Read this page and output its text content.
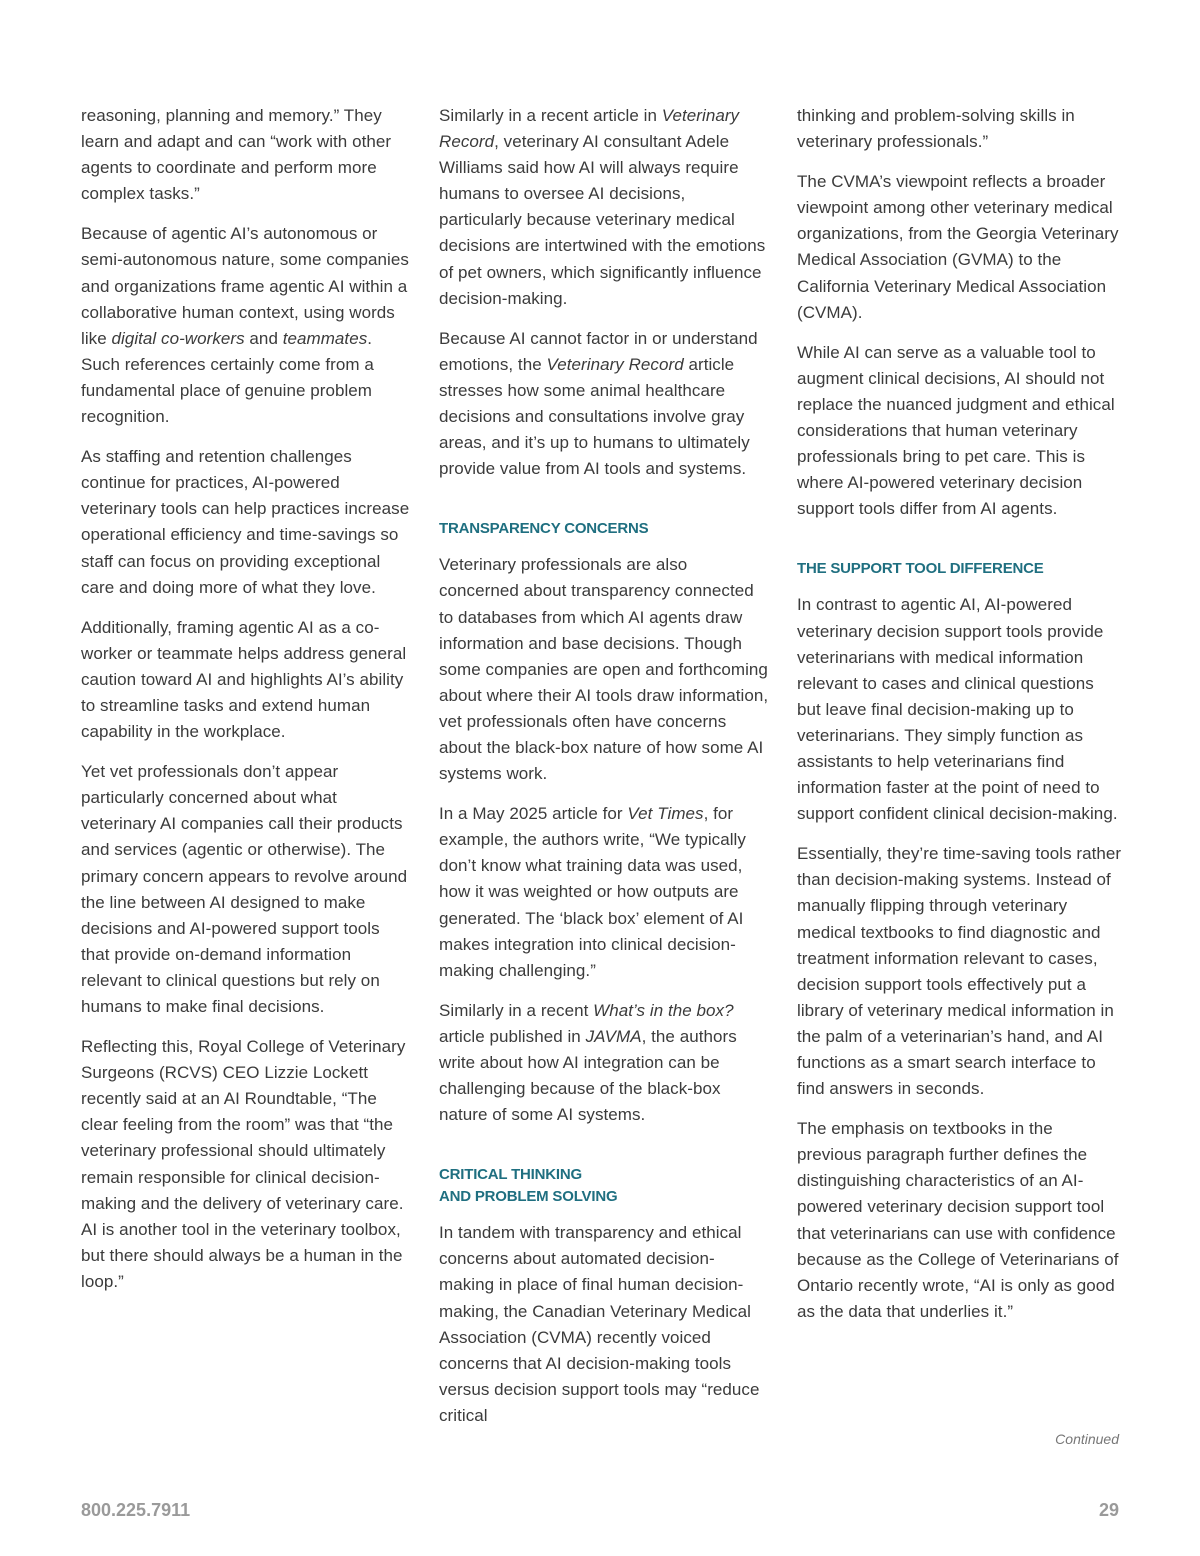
reasoning, planning and memory.” They learn and adapt and can “work with other agents to coordinate and perform more complex tasks.”

Because of agentic AI’s autonomous or semi-autonomous nature, some companies and organizations frame agentic AI within a collaborative human context, using words like digital co-workers and teammates. Such references certainly come from a fundamental place of genuine problem recognition.

As staffing and retention challenges continue for practices, AI-powered veterinary tools can help practices increase operational efficiency and time-savings so staff can focus on providing exceptional care and doing more of what they love.

Additionally, framing agentic AI as a co-worker or teammate helps address general caution toward AI and highlights AI’s ability to streamline tasks and extend human capability in the workplace.

Yet vet professionals don’t appear particularly concerned about what veterinary AI companies call their products and services (agentic or otherwise). The primary concern appears to revolve around the line between AI designed to make decisions and AI-powered support tools that provide on-demand information relevant to clinical questions but rely on humans to make final decisions.

Reflecting this, Royal College of Veterinary Surgeons (RCVS) CEO Lizzie Lockett recently said at an AI Roundtable, “The clear feeling from the room” was that “the veterinary professional should ultimately remain responsible for clinical decision-making and the delivery of veterinary care. AI is another tool in the veterinary toolbox, but there should always be a human in the loop.”

Similarly in a recent article in Veterinary Record, veterinary AI consultant Adele Williams said how AI will always require humans to oversee AI decisions, particularly because veterinary medical decisions are intertwined with the emotions of pet owners, which significantly influence decision-making.

Because AI cannot factor in or understand emotions, the Veterinary Record article stresses how some animal healthcare decisions and consultations involve gray areas, and it’s up to humans to ultimately provide value from AI tools and systems.

TRANSPARENCY CONCERNS

Veterinary professionals are also concerned about transparency connected to databases from which AI agents draw information and base decisions. Though some companies are open and forthcoming about where their AI tools draw information, vet professionals often have concerns about the black-box nature of how some AI systems work.

In a May 2025 article for Vet Times, for example, the authors write, “We typically don’t know what training data was used, how it was weighted or how outputs are generated. The ‘black box’ element of AI makes integration into clinical decision-making challenging.”

Similarly in a recent What’s in the box? article published in JAVMA, the authors write about how AI integration can be challenging because of the black-box nature of some AI systems.

CRITICAL THINKING
AND PROBLEM SOLVING

In tandem with transparency and ethical concerns about automated decision-making in place of final human decision-making, the Canadian Veterinary Medical Association (CVMA) recently voiced concerns that AI decision-making tools versus decision support tools may “reduce critical

thinking and problem-solving skills in veterinary professionals.”

The CVMA’s viewpoint reflects a broader viewpoint among other veterinary medical organizations, from the Georgia Veterinary Medical Association (GVMA) to the California Veterinary Medical Association (CVMA).

While AI can serve as a valuable tool to augment clinical decisions, AI should not replace the nuanced judgment and ethical considerations that human veterinary professionals bring to pet care. This is where AI-powered veterinary decision support tools differ from AI agents.

THE SUPPORT TOOL DIFFERENCE

In contrast to agentic AI, AI-powered veterinary decision support tools provide veterinarians with medical information relevant to cases and clinical questions but leave final decision-making up to veterinarians. They simply function as assistants to help veterinarians find information faster at the point of need to support confident clinical decision-making.

Essentially, they’re time-saving tools rather than decision-making systems. Instead of manually flipping through veterinary medical textbooks to find diagnostic and treatment information relevant to cases, decision support tools effectively put a library of veterinary medical information in the palm of a veterinarian’s hand, and AI functions as a smart search interface to find answers in seconds.

The emphasis on textbooks in the previous paragraph further defines the distinguishing characteristics of an AI-powered veterinary decision support tool that veterinarians can use with confidence because as the College of Veterinarians of Ontario recently wrote, “AI is only as good as the data that underlies it.”

Continued
800.225.7911	29
